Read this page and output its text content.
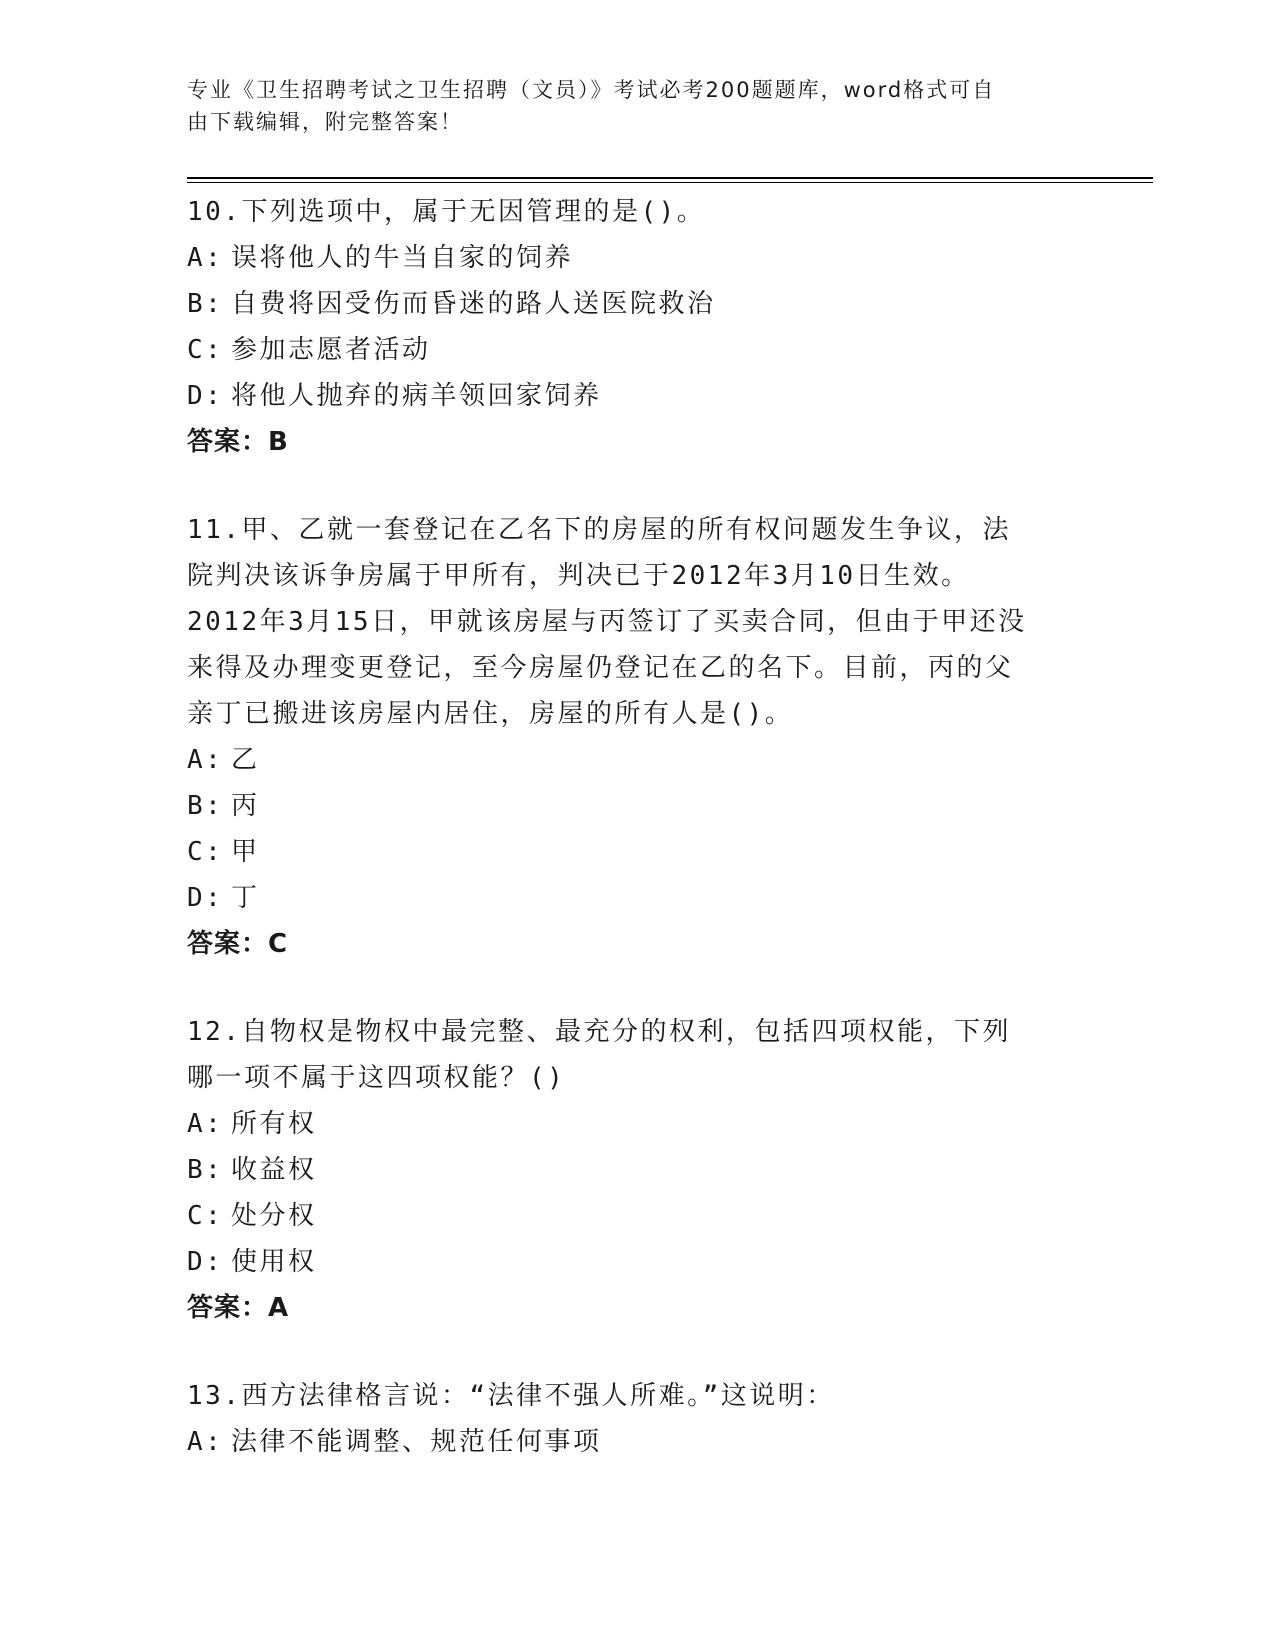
专业《卫生招聘考试之卫生招聘（文员）》考试必考200题题库，word格式可自
由下载编辑，附完整答案！

10.下列选项中，属于无因管理的是()。

A: 误将他人的牛当自家的饲养

B: 自费将因受伤而昏迷的路人送医院救治

C: 参加志愿者活动

D: 将他人抛弃的病羊领回家饲养

答案：B

11.甲、乙就一套登记在乙名下的房屋的所有权问题发生争议，法院判决该诉争房属于甲所有，判决已于2012年3月10日生效。2012年3月15日，甲就该房屋与丙签订了买卖合同，但由于甲还没来得及办理变更登记，至今房屋仍登记在乙的名下。目前，丙的父亲丁已搬进该房屋内居住，房屋的所有人是()。

A: 乙

B: 丙

C: 甲

D: 丁

答案：C

12.自物权是物权中最完整、最充分的权利，包括四项权能，下列哪一项不属于这四项权能？()

A: 所有权

B: 收益权

C: 处分权

D: 使用权

答案：A

13.西方法律格言说：“法律不强人所难。”这说明：

A: 法律不能调整、规范任何事项
